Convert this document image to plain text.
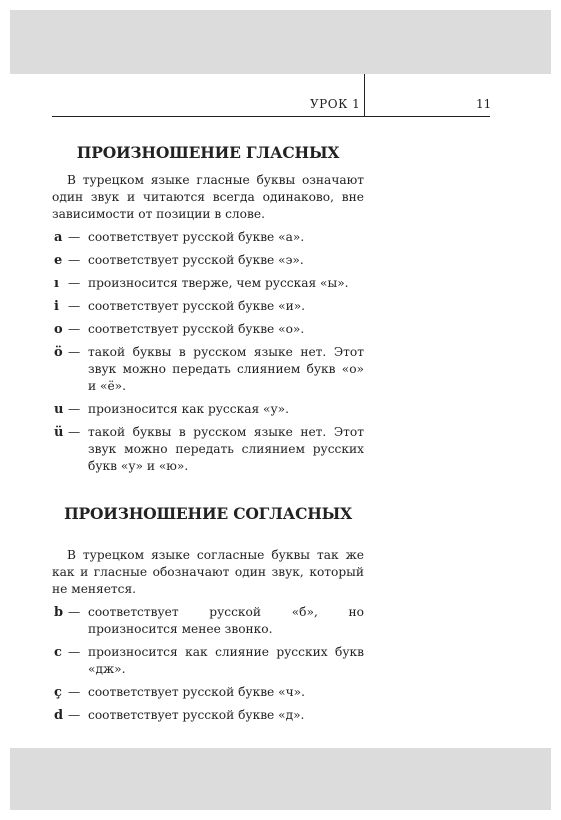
УРОК 1	11
ПРОИЗНОШЕНИЕ ГЛАСНЫХ

В турецком языке гласные буквы означают один звук и читаются всегда одинаково, вне зависимости от позиции в слове.

a — соответствует русской букве «а».
e — соответствует русской букве «э».
ı — произносится тверже, чем русская «ы».
i — соответствует русской букве «и».
o — соответствует русской букве «о».
ö — такой буквы в русском языке нет. Этот звук можно передать слиянием букв «о» и «ё».
u — произносится как русская «у».
ü — такой буквы в русском языке нет. Этот звук можно передать слиянием русских букв «у» и «ю».
ПРОИЗНОШЕНИЕ СОГЛАСНЫХ

В турецком языке согласные буквы так же как и гласные обозначают один звук, который не меняется.

b — соответствует русской «б», но произносится менее звонко.
c — произносится как слияние русских букв «дж».
ç — соответствует русской букве «ч».
d — соответствует русской букве «д».
